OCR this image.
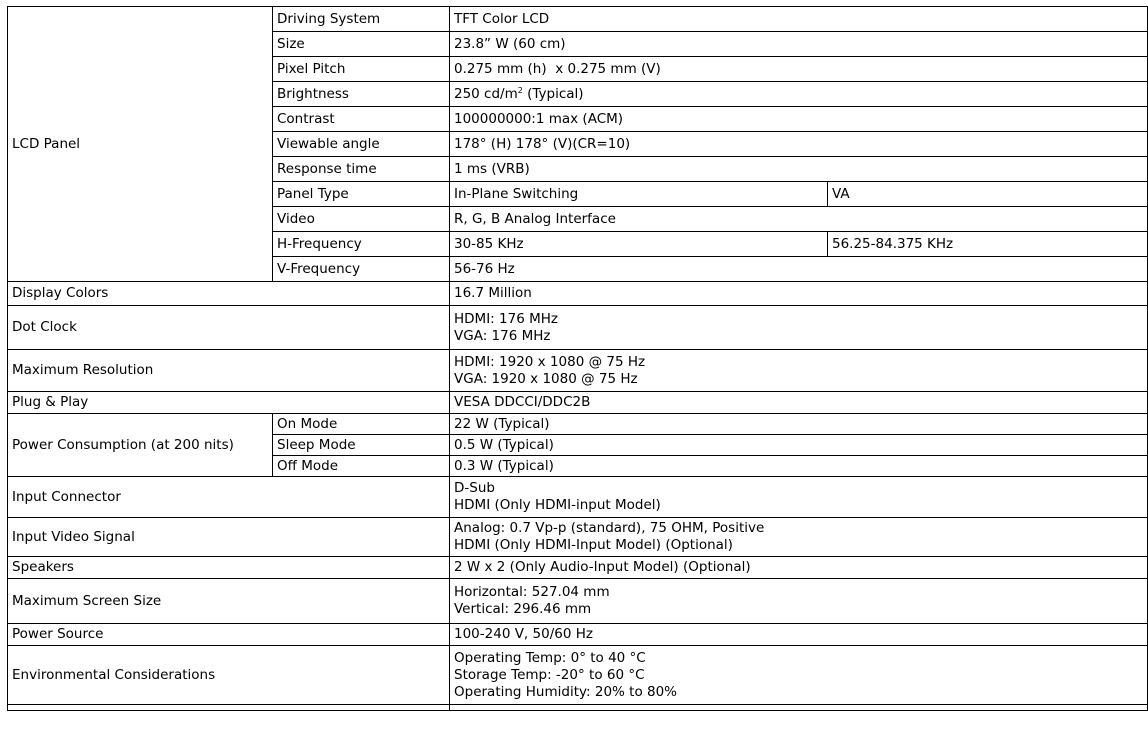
LCD Panel	Driving System	TFT Color LCD	
	Size	23.8” W (60 cm)	
	Pixel Pitch	0.275 mm (h)  x 0.275 mm (V)	
	Brightness	250 $cd/m^2$ (Typical)	
	Contrast	100000000:1 max (ACM)	
	Viewable angle	178° (H) 178° (V)(CR=10)	
	Response time	1 ms (VRB)	
	Panel Type	In-Plane Switching	VA
	Video	R, G, B Analog Interface	
	H-Frequency	30-85 KHz	56.25-84.375 KHz
	V-Frequency	56-76 Hz	
Display Colors		16.7 Million	
Dot Clock		HDMI: 176 MHz
VGA: 176 MHz	

Maximum Resolution		HDMI: 1920 x 1080 @ 75 Hz
VGA: 1920 x 1080 @ 75 Hz	

Plug & Play		VESA DDCCI/DDC2B	
Power Consumption (at 200 nits)	On Mode	22 W (Typical)	
	Sleep Mode	0.5 W (Typical)	
	Off Mode	0.3 W (Typical)	
Input Connector		D-Sub
HDMI (Only HDMI-input Model)	

Input Video Signal		Analog: 0.7 Vp-p (standard), 75 OHM, Positive
HDMI (Only HDMI-Input Model) (Optional)	

Speakers		2 W x 2 (Only Audio-Input Model) (Optional)	
Maximum Screen Size		Horizontal: 527.04 mm
Vertical: 296.46 mm	

Power Source		100-240 V, 50/60 Hz	
Environmental Considerations		Operating Temp: 0° to 40 °C
Storage Temp: -20° to 60 °C
Operating Humidity: 20% to 80%	
